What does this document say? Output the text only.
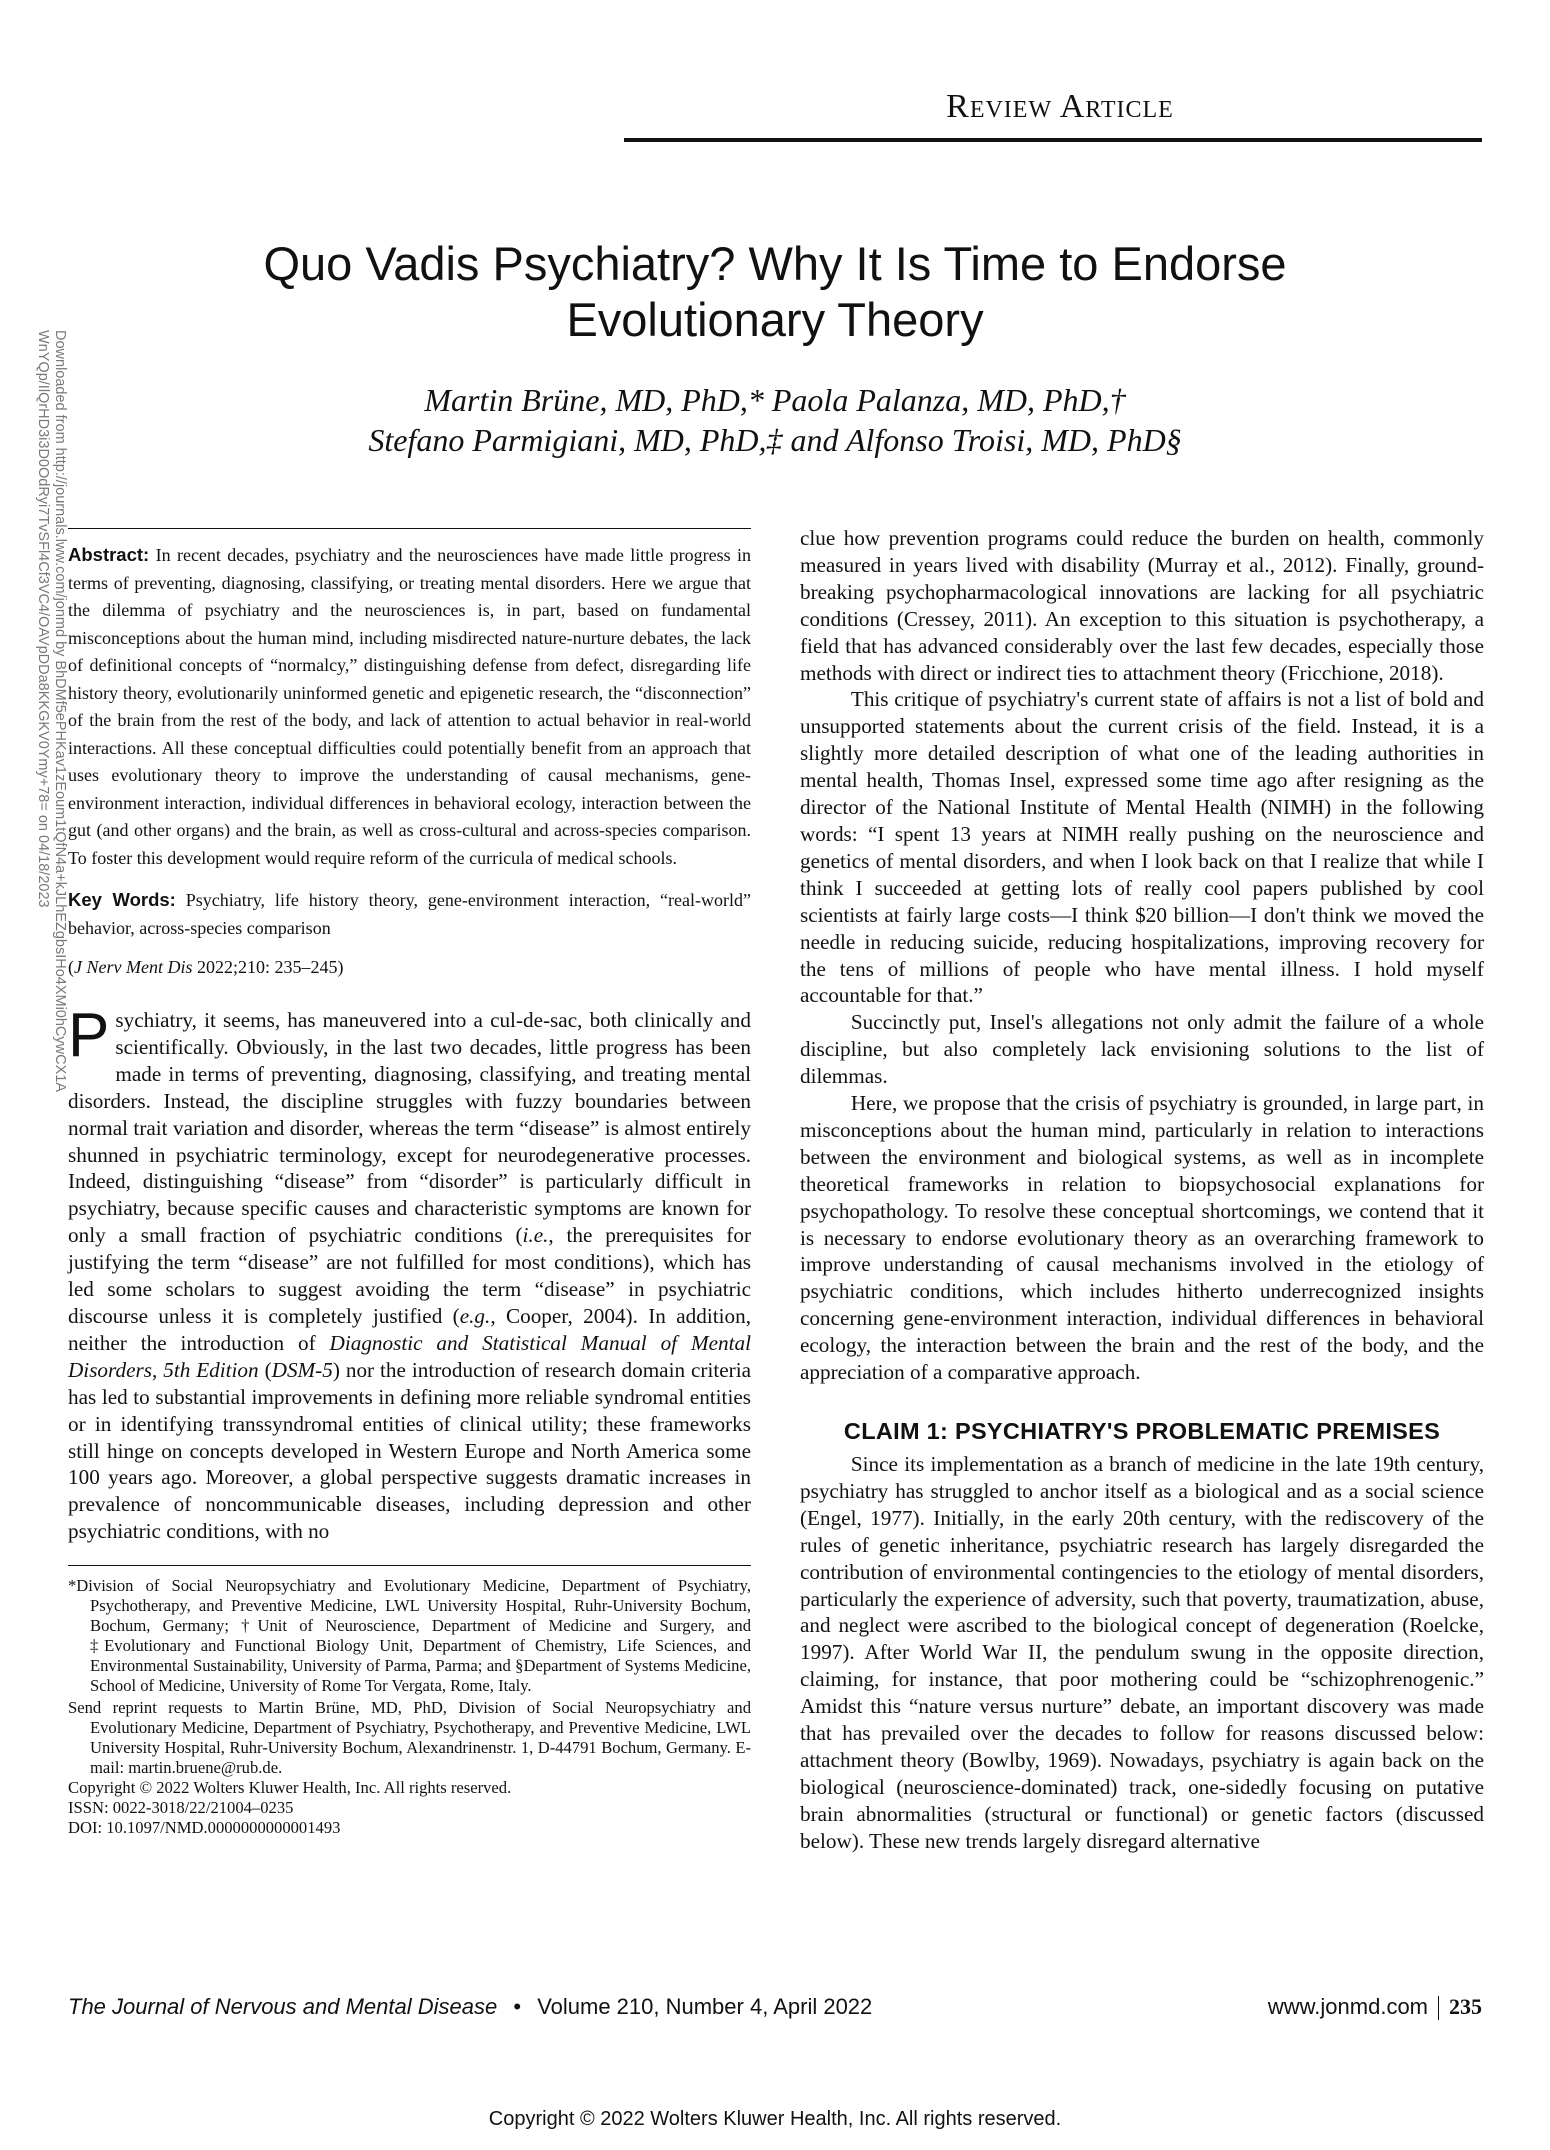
Review Article
Quo Vadis Psychiatry? Why It Is Time to Endorse
Evolutionary Theory
Martin Brüne, MD, PhD,* Paola Palanza, MD, PhD,†
Stefano Parmigiani, MD, PhD,‡ and Alfonso Troisi, MD, PhD§
Downloaded from http://journals.lww.com/jonmd by BhDMf5ePHKav1zEoum1tQfN4a+kJLhEZgbsIHo4XMi0hCywCX1A
WnYQp/IlQrHD3i3D0OdRyi7TvSFl4Cf3VC4/OAVpDDa8KKGKV0Ymy+78= on 04/18/2023 Abstract: In recent decades, psychiatry and the neurosciences have made little progress in terms of preventing, diagnosing, classifying, or treating mental disorders. Here we argue that the dilemma of psychiatry and the neurosciences is, in part, based on fundamental misconceptions about the human mind, including misdirected nature-nurture debates, the lack of definitional concepts of “normalcy,” distinguishing defense from defect, disregarding life history theory, evolutionarily uninformed genetic and epigenetic research, the “disconnection” of the brain from the rest of the body, and lack of attention to actual behavior in real-world interactions. All these conceptual difficulties could potentially benefit from an approach that uses evolutionary theory to improve the understanding of causal mechanisms, gene-environment interaction, individual differences in behavioral ecology, interaction between the gut (and other organs) and the brain, as well as cross-cultural and across-species comparison. To foster this development would require reform of the curricula of medical schools.

Key Words: Psychiatry, life history theory, gene-environment interaction, “real-world” behavior, across-species comparison

(J Nerv Ment Dis 2022;210: 235–245)

Psychiatry, it seems, has maneuvered into a cul-de-sac, both clinically and scientifically. Obviously, in the last two decades, little progress has been made in terms of preventing, diagnosing, classifying, and treating mental disorders. Instead, the discipline struggles with fuzzy boundaries between normal trait variation and disorder, whereas the term “disease” is almost entirely shunned in psychiatric terminology, except for neurodegenerative processes. Indeed, distinguishing “disease” from “disorder” is particularly difficult in psychiatry, because specific causes and characteristic symptoms are known for only a small fraction of psychiatric conditions (i.e., the prerequisites for justifying the term “disease” are not fulfilled for most conditions), which has led some scholars to suggest avoiding the term “disease” in psychiatric discourse unless it is completely justified (e.g., Cooper, 2004). In addition, neither the introduction of Diagnostic and Statistical Manual of Mental Disorders, 5th Edition (DSM-5) nor the introduction of research domain criteria has led to substantial improvements in defining more reliable syndromal entities or in identifying transsyndromal entities of clinical utility; these frameworks still hinge on concepts developed in Western Europe and North America some 100 years ago. Moreover, a global perspective suggests dramatic increases in prevalence of noncommunicable diseases, including depression and other psychiatric conditions, with no

*Division of Social Neuropsychiatry and Evolutionary Medicine, Department of Psychiatry, Psychotherapy, and Preventive Medicine, LWL University Hospital, Ruhr-University Bochum, Bochum, Germany; †Unit of Neuroscience, Department of Medicine and Surgery, and ‡Evolutionary and Functional Biology Unit, Department of Chemistry, Life Sciences, and Environmental Sustainability, University of Parma, Parma; and §Department of Systems Medicine, School of Medicine, University of Rome Tor Vergata, Rome, Italy.

Send reprint requests to Martin Brüne, MD, PhD, Division of Social Neuropsychiatry and Evolutionary Medicine, Department of Psychiatry, Psychotherapy, and Preventive Medicine, LWL University Hospital, Ruhr-University Bochum, Alexandrinenstr. 1, D-44791 Bochum, Germany. E-mail: martin.bruene@rub.de.

Copyright © 2022 Wolters Kluwer Health, Inc. All rights reserved.

ISSN: 0022-3018/22/21004–0235

DOI: 10.1097/NMD.0000000000001493

clue how prevention programs could reduce the burden on health, commonly measured in years lived with disability (Murray et al., 2012). Finally, ground-breaking psychopharmacological innovations are lacking for all psychiatric conditions (Cressey, 2011). An exception to this situation is psychotherapy, a field that has advanced considerably over the last few decades, especially those methods with direct or indirect ties to attachment theory (Fricchione, 2018).

This critique of psychiatry's current state of affairs is not a list of bold and unsupported statements about the current crisis of the field. Instead, it is a slightly more detailed description of what one of the leading authorities in mental health, Thomas Insel, expressed some time ago after resigning as the director of the National Institute of Mental Health (NIMH) in the following words: “I spent 13 years at NIMH really pushing on the neuroscience and genetics of mental disorders, and when I look back on that I realize that while I think I succeeded at getting lots of really cool papers published by cool scientists at fairly large costs—I think $20 billion—I don't think we moved the needle in reducing suicide, reducing hospitalizations, improving recovery for the tens of millions of people who have mental illness. I hold myself accountable for that.”

Succinctly put, Insel's allegations not only admit the failure of a whole discipline, but also completely lack envisioning solutions to the list of dilemmas.

Here, we propose that the crisis of psychiatry is grounded, in large part, in misconceptions about the human mind, particularly in relation to interactions between the environment and biological systems, as well as in incomplete theoretical frameworks in relation to biopsychosocial explanations for psychopathology. To resolve these conceptual shortcomings, we contend that it is necessary to endorse evolutionary theory as an overarching framework to improve understanding of causal mechanisms involved in the etiology of psychiatric conditions, which includes hitherto underrecognized insights concerning gene-environment interaction, individual differences in behavioral ecology, the interaction between the brain and the rest of the body, and the appreciation of a comparative approach.

CLAIM 1: PSYCHIATRY'S PROBLEMATIC PREMISES

Since its implementation as a branch of medicine in the late 19th century, psychiatry has struggled to anchor itself as a biological and as a social science (Engel, 1977). Initially, in the early 20th century, with the rediscovery of the rules of genetic inheritance, psychiatric research has largely disregarded the contribution of environmental contingencies to the etiology of mental disorders, particularly the experience of adversity, such that poverty, traumatization, abuse, and neglect were ascribed to the biological concept of degeneration (Roelcke, 1997). After World War II, the pendulum swung in the opposite direction, claiming, for instance, that poor mothering could be “schizophrenogenic.” Amidst this “nature versus nurture” debate, an important discovery was made that has prevailed over the decades to follow for reasons discussed below: attachment theory (Bowlby, 1969). Nowadays, psychiatry is again back on the biological (neuroscience-dominated) track, one-sidedly focusing on putative brain abnormalities (structural or functional) or genetic factors (discussed below). These new trends largely disregard alternative

The Journal of Nervous and Mental Disease • Volume 210, Number 4, April 2022	www.jonmd.com 235
Copyright © 2022 Wolters Kluwer Health, Inc. All rights reserved.
